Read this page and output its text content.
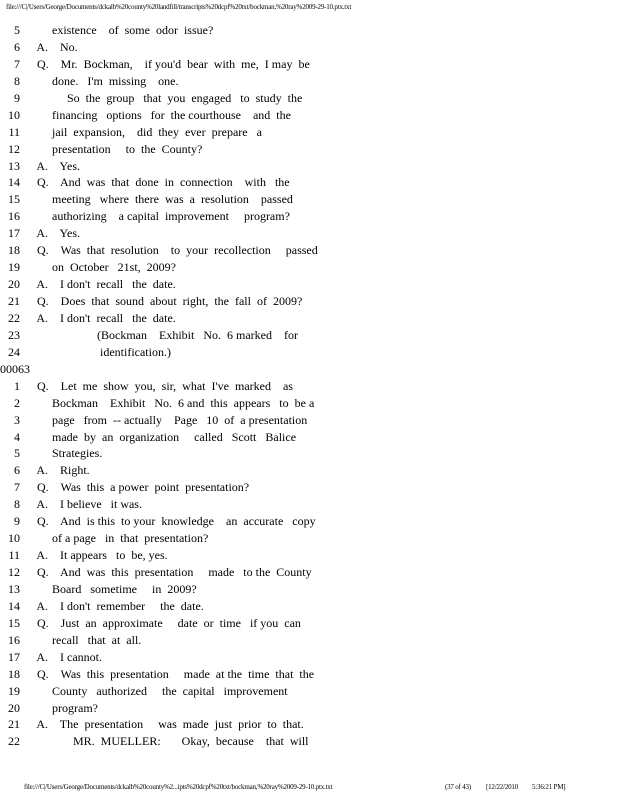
file:///C|/Users/George/Documents/dckalb%20county%20landfill/transcripts%20dcpf%20txt/bockman,%20ray%2009-29-10.ptx.txt
5 existence    of  some  odor  issue?
6 A.    No.
7 Q.    Mr.  Bockman,    if you'd  bear  with  me,  I may  be
8 done.   I'm  missing    one.
9 So  the  group   that  you  engaged   to  study  the
10 financing   options   for  the courthouse    and  the
11 jail  expansion,    did  they  ever  prepare   a
12 presentation     to  the  County?
13 A.    Yes.
14 Q.    And  was  that  done  in  connection    with   the
15 meeting   where  there  was  a  resolution    passed
16 authorizing    a capital  improvement     program?
17 A.    Yes.
18 Q.    Was  that  resolution    to  your  recollection     passed
19 on  October   21st,  2009?
20 A.    I don't  recall   the  date.
21 Q.    Does  that  sound  about  right,  the  fall  of  2009?
22 A.    I don't  recall   the  date.
23 (Bockman    Exhibit   No.  6 marked    for
24 identification.)
00063
1 Q.    Let  me  show  you,  sir,  what  I've  marked    as
2 Bockman    Exhibit   No.  6 and  this  appears   to  be a
3 page   from  -- actually    Page   10  of  a presentation
4 made  by  an  organization     called   Scott   Balice
5 Strategies.
6 A.    Right.
7 Q.    Was  this  a power  point  presentation?
8 A.    I believe   it was.
9 Q.    And  is this  to your  knowledge    an  accurate   copy
10 of a page   in  that  presentation?
11 A.    It appears   to  be, yes.
12 Q.    And  was  this  presentation     made   to the  County
13 Board   sometime     in  2009?
14 A.    I don't  remember     the  date.
15 Q.    Just  an  approximate     date  or  time   if you  can
16 recall   that  at  all.
17 A.    I cannot.
18 Q.    Was  this  presentation     made  at the  time  that  the
19 County   authorized     the  capital   improvement
20 program?
21 A.    The  presentation     was  made  just  prior  to  that.
22 MR.  MUELLER:       Okay,  because    that  will
file:///C|/Users/George/Documents/dckalb%20county%2...ipts%20dcpf%20txt/bockman,%20ray%2009-29-10.ptx.txt	(37 of 43) [12/22/2010 5:36:21 PM]
